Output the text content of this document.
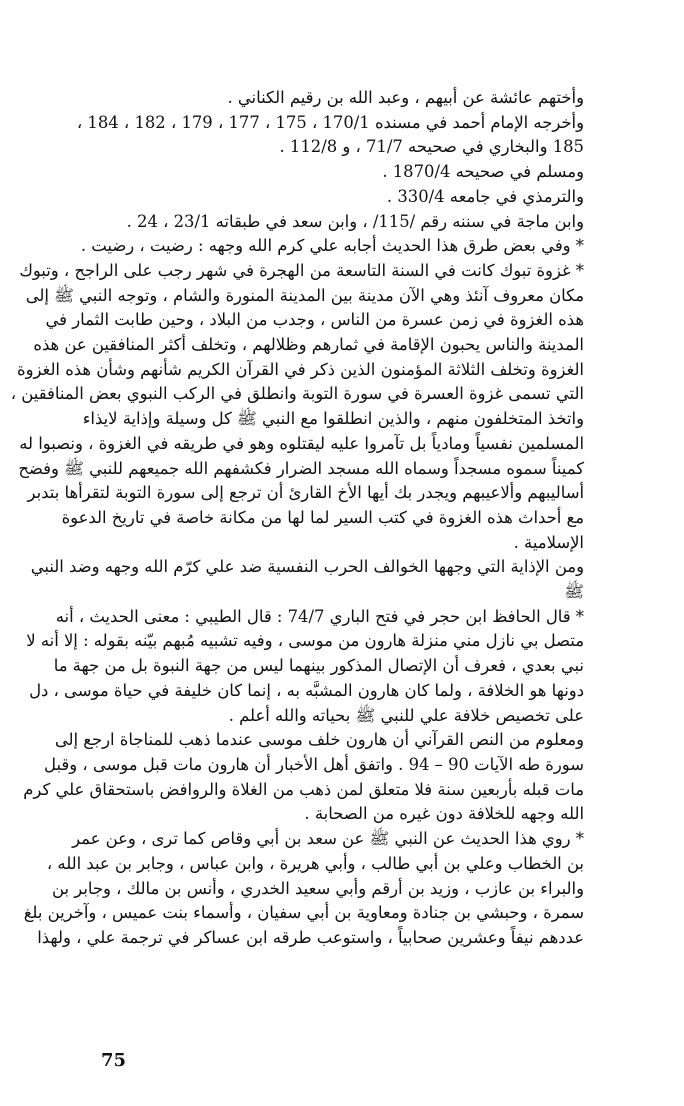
وأختهم عائشة عن أبيهم ، وعبد الله بن رقيم الكناني .
وأخرجه الإمام أحمد في مسنده 170/1 ، 175 ، 177 ، 179 ، 182 ، 184 ،
185 والبخاري في صحيحه 71/7 ، و 112/8 .
ومسلم في صحيحه 1870/4 .
والترمذي في جامعه 330/4 .
وابن ماجة في سننه رقم /115/ ، وابن سعد في طبقاته 23/1 ، 24 .
* وفي بعض طرق هذا الحديث أجابه علي كرم الله وجهه : رضيت ، رضيت .
* غزوة تبوك كانت في السنة التاسعة من الهجرة في شهر رجب على الراجح ، وتبوك
مكان معروف آنئذ وهي الآن مدينة بين المدينة المنورة والشام ، وتوجه النبي ﷺ إلى
هذه الغزوة في زمن عسرة من الناس ، وجدب من البلاد ، وحين طابت الثمار في
المدينة والناس يحبون الإقامة في ثمارهم وظلالهم ، وتخلف أكثر المنافقين عن هذه
الغزوة وتخلف الثلاثة المؤمنون الذين ذكر في القرآن الكريم شأنهم وشأن هذه الغزوة
التي تسمى غزوة العسرة في سورة التوبة وانطلق في الركب النبوي بعض المنافقين ،
واتخذ المتخلفون منهم ، والذين انطلقوا مع النبي ﷺ كل وسيلة وإذاية لايذاء
المسلمين نفسياً ومادياً بل تآمروا عليه ليقتلوه وهو في طريقه في الغزوة ، ونصبوا له
كميناً سموه مسجداً وسماه الله مسجد الضرار فكشفهم الله جميعهم للنبي ﷺ وفضح
أساليبهم وألاعيبهم ويجدر بك أيها الأخ القارئ أن ترجع إلى سورة التوبة لتقرأها بتدبر
مع أحداث هذه الغزوة في كتب السير لما لها من مكانة خاصة في تاريخ الدعوة
الإسلامية .
ومن الإذاية التي وجهها الخوالف الحرب النفسية ضد علي كرّم الله وجهه وضد النبي
ﷺ
* قال الحافظ ابن حجر في فتح الباري 74/7 : قال الطيبي : معنى الحديث ، أنه
متصل بي نازل مني منزلة هارون من موسى ، وفيه تشبيه مُبهم بيّنه بقوله : إلا أنه لا
نبي بعدي ، فعرف أن الإتصال المذكور بينهما ليس من جهة النبوة بل من جهة ما
دونها هو الخلافة ، ولما كان هارون المشبَّه به ، إنما كان خليفة في حياة موسى ، دل
على تخصيص خلافة علي للنبي ﷺ بحياته والله أعلم .
ومعلوم من النص القرآني أن هارون خلف موسى عندما ذهب للمناجاة ارجع إلى
سورة طه الآيات 90 – 94 . واتفق أهل الأخبار أن هارون مات قبل موسى ، وقبل
مات قبله بأربعين سنة فلا متعلق لمن ذهب من الغلاة والروافض باستحقاق علي كرم
الله وجهه للخلافة دون غيره من الصحابة .
* روي هذا الحديث عن النبي ﷺ عن سعد بن أبي وقاص كما ترى ، وعن عمر
بن الخطاب وعلي بن أبي طالب ، وأبي هريرة ، وابن عباس ، وجابر بن عبد الله ،
والبراء بن عازب ، وزيد بن أرقم وأبي سعيد الخدري ، وأنس بن مالك ، وجابر بن
سمرة ، وحبشي بن جنادة ومعاوية بن أبي سفيان ، وأسماء بنت عميس ، وآخرين بلغ
عددهم نيفاً وعشرين صحابياً ، واستوعب طرقه ابن عساكر في ترجمة علي ، ولهذا
75
